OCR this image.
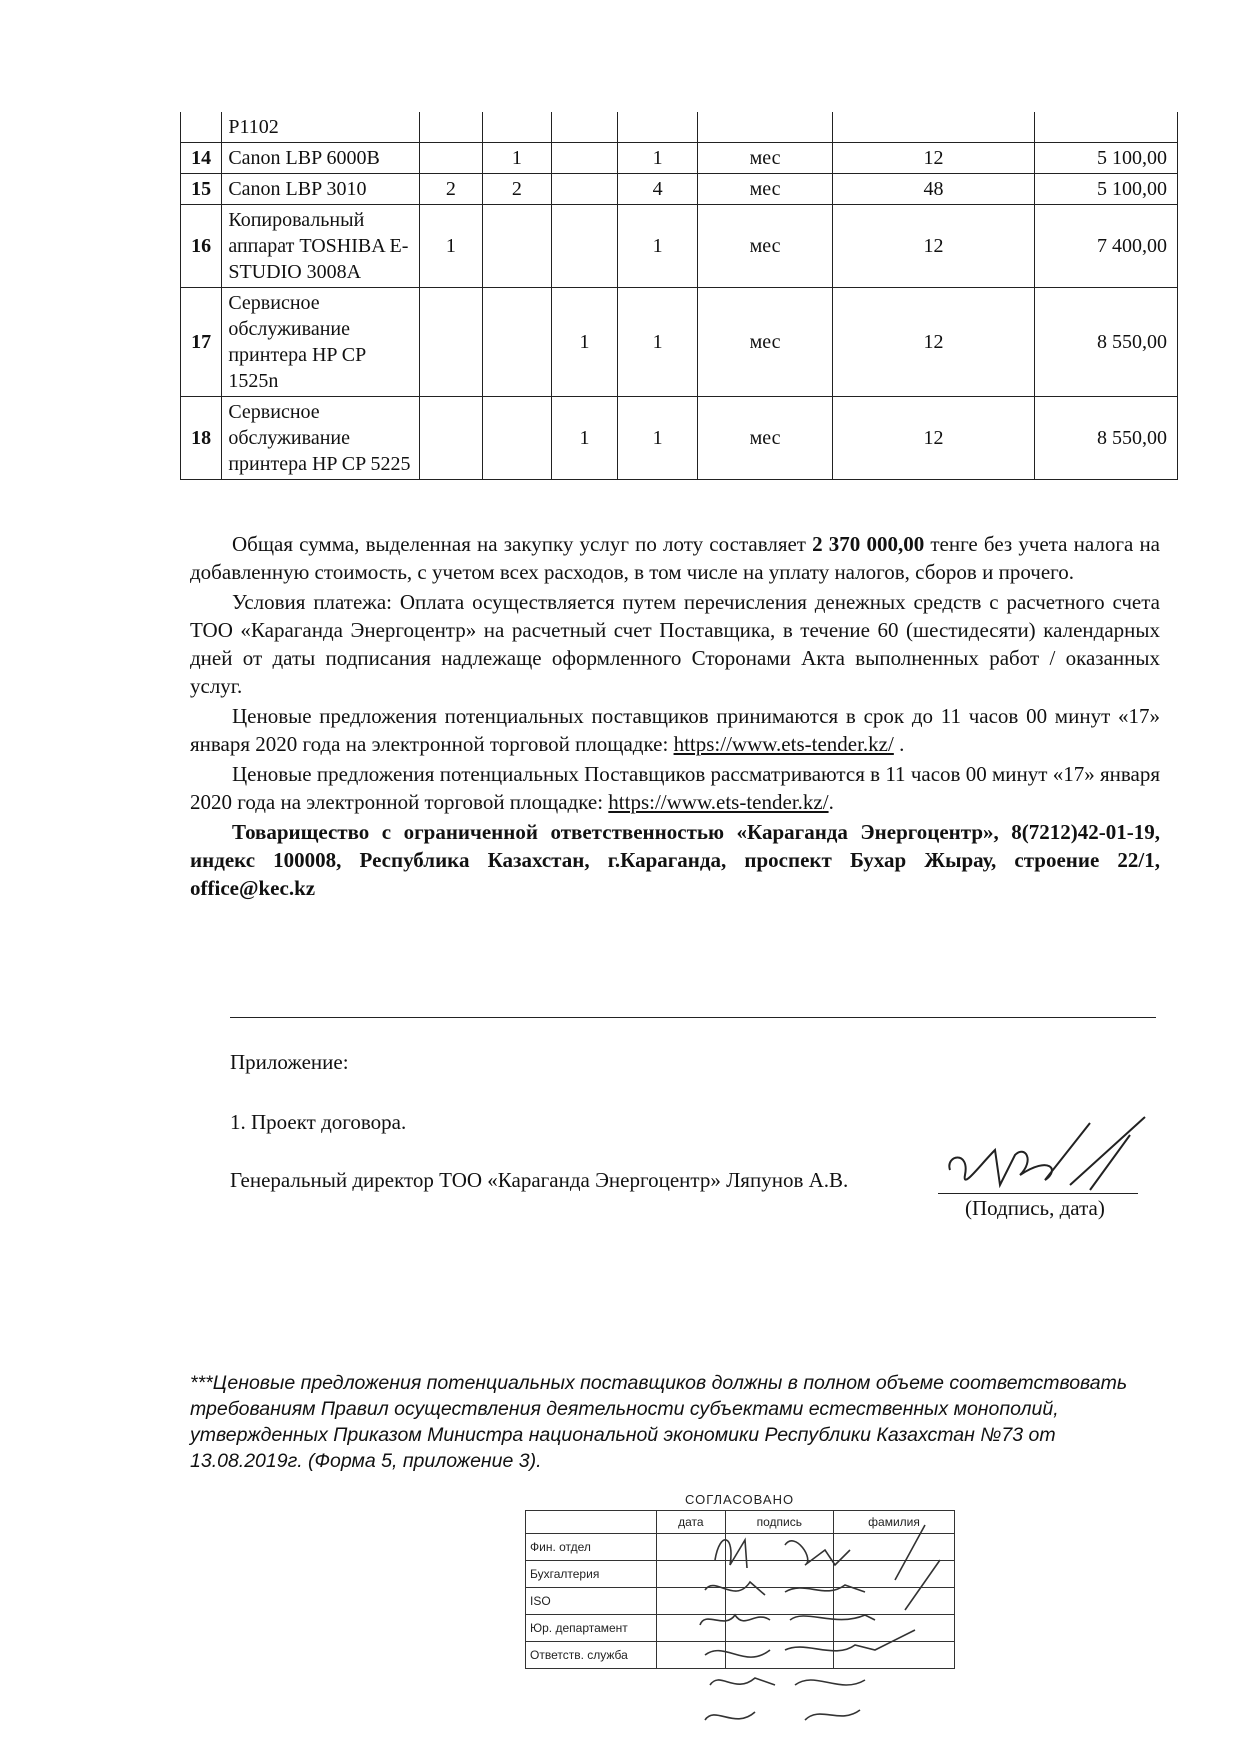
	P1102							
14	Canon LBP 6000B		1		1	мес	12	5 100,00
15	Canon LBP 3010	2	2		4	мес	48	5 100,00
16	Копировальный аппарат TOSHIBA E-STUDIO 3008A	1			1	мес	12	7 400,00
17	Сервисное обслуживание принтера HP CP 1525n			1	1	мес	12	8 550,00
18	Сервисное обслуживание принтера HP CP 5225			1	1	мес	12	8 550,00

Общая сумма, выделенная на закупку услуг по лоту составляет 2 370 000,00 тенге без учета налога на добавленную стоимость, с учетом всех расходов, в том числе на уплату налогов, сборов и прочего.

Условия платежа: Оплата осуществляется путем перечисления денежных средств с расчетного счета ТОО «Караганда Энергоцентр» на расчетный счет Поставщика, в течение 60 (шестидесяти) календарных дней от даты подписания надлежаще оформленного Сторонами Акта выполненных работ / оказанных услуг.

Ценовые предложения потенциальных поставщиков принимаются в срок до 11 часов 00 минут «17» января 2020 года на электронной торговой площадке: https://www.ets-tender.kz/ .

Ценовые предложения потенциальных Поставщиков рассматриваются в 11 часов 00 минут «17» января 2020 года на электронной торговой площадке: https://www.ets-tender.kz/.

Товарищество с ограниченной ответственностью «Караганда Энергоцентр», 8(7212)42-01-19, индекс 100008, Республика Казахстан, г.Караганда, проспект Бухар Жырау, строение 22/1, office@kec.kz

Приложение:
1. Проект договора.
Генеральный директор ТОО «Караганда Энергоцентр» Ляпунов А.В.
(Подпись, дата)
***Ценовые предложения потенциальных поставщиков должны в полном объеме соответствовать требованиям Правил осуществления деятельности субъектами естественных монополий, утвержденных Приказом Министра национальной экономики Республики Казахстан №73 от 13.08.2019г. (Форма 5, приложение 3).
СОГЛАСОВАНО
	дата	подпись	фамилия
Фин. отдел			
Бухгалтерия			
ISO			
Юр. департамент			
Ответств. служба			
